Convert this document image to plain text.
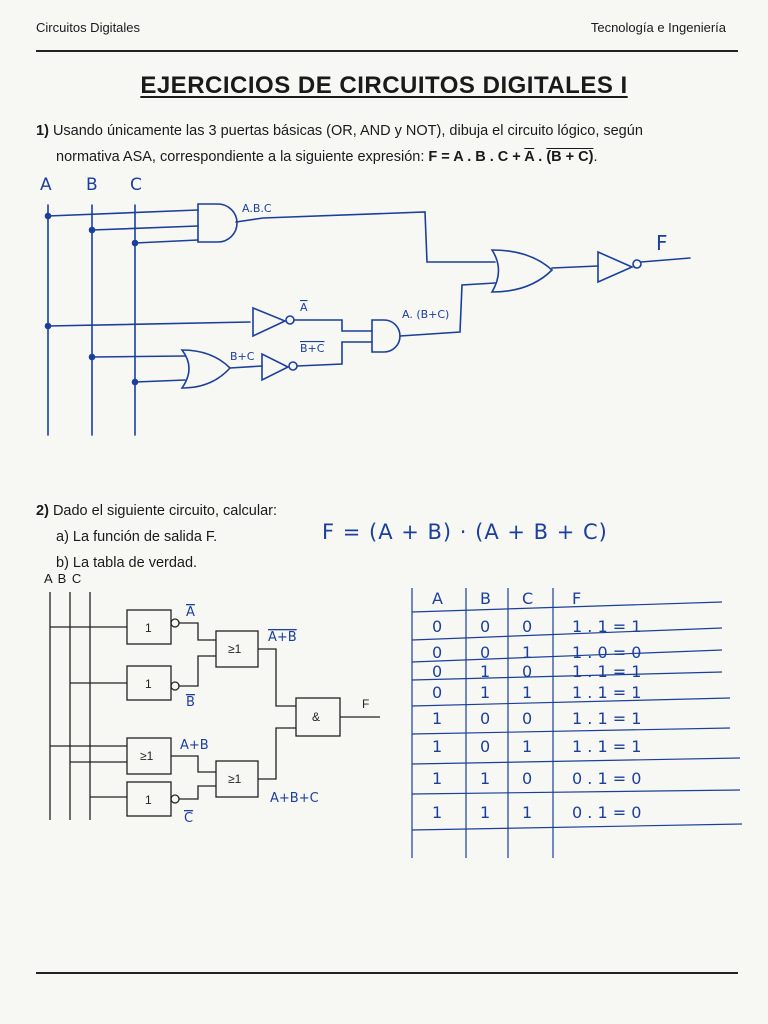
Circuitos Digitales	Tecnología e Ingeniería
EJERCICIOS DE CIRCUITOS DIGITALES I
1) Usando únicamente las 3 puertas básicas (OR, AND y NOT), dibuja el circuito lógico, según
normativa ASA, correspondiente a la siguiente expresión: F = A . B . $C + \overline{A}$ . (B + C).
A B C
A.B.C
A
A. (B+C)
B+C
B+C
F
2) Dado el siguiente circuito, calcular:
a) La función de salida F.
b) La tabla de verdad.
F = (A + B) · (A + B + C)
A B C
1
1
≥1
≥1
1
≥1
&
F
A
A+B
B
A+B
C
A+B+C
A B C F
0 0 0 1 . 1 = 1
0 0 1 1 . 0 = 0
0 1 0 1 . 1 = 1
0 1 1 1 . 1 = 1
1 0 0 1 . 1 = 1
1 0 1 1 . 1 = 1
1 1 0 0 . 1 = 0
1 1 1 0 . 1 = 0
